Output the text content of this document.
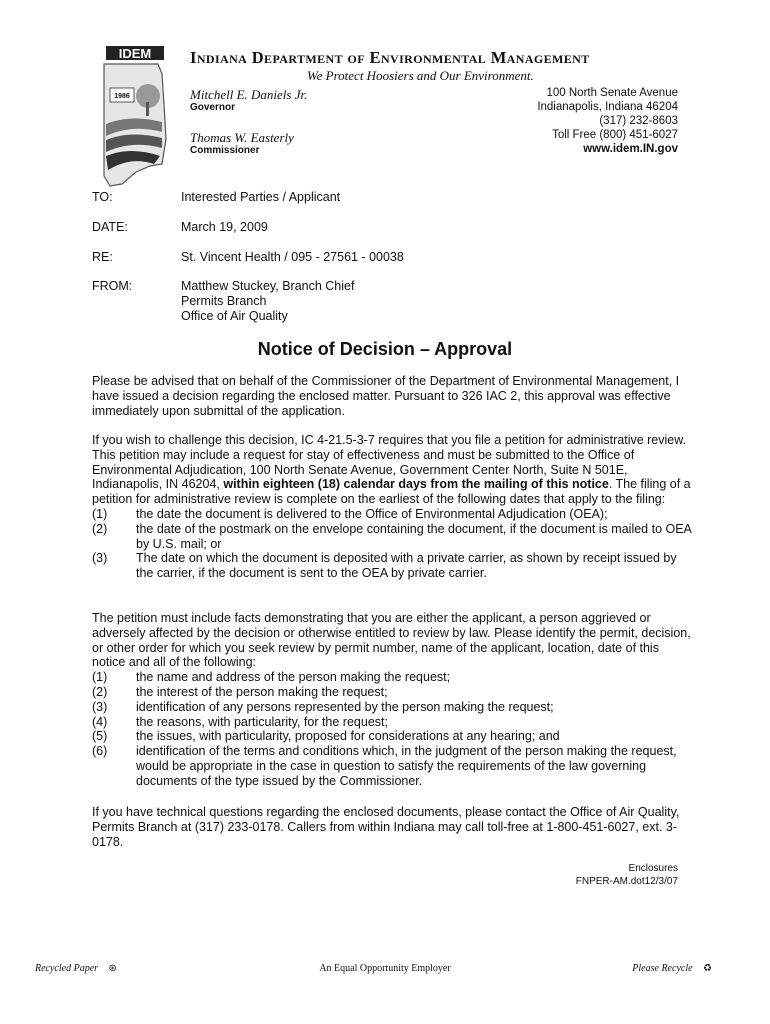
IDEM
1986
Indiana Department of Environmental Management
We Protect Hoosiers and Our Environment.
Mitchell E. Daniels Jr.
Governor
Thomas W. Easterly
Commissioner
100 North Senate Avenue
Indianapolis, Indiana 46204
(317) 232-8603
Toll Free (800) 451-6027
www.idem.IN.gov
TO:	Interested Parties / Applicant
DATE:	March 19, 2009
RE:	St. Vincent Health / 095 - 27561 - 00038
FROM:	Matthew Stuckey, Branch Chief
Permits Branch
Office of Air Quality
Notice of Decision – Approval
Please be advised that on behalf of the Commissioner of the Department of Environmental Management, I have issued a decision regarding the enclosed matter. Pursuant to 326 IAC 2, this approval was effective immediately upon submittal of the application.
If you wish to challenge this decision, IC 4-21.5-3-7 requires that you file a petition for administrative review. This petition may include a request for stay of effectiveness and must be submitted to the Office of Environmental Adjudication, 100 North Senate Avenue, Government Center North, Suite N 501E, Indianapolis, IN 46204, within eighteen (18) calendar days from the mailing of this notice. The filing of a petition for administrative review is complete on the earliest of the following dates that apply to the filing:
(1)	the date the document is delivered to the Office of Environmental Adjudication (OEA);
(2)	the date of the postmark on the envelope containing the document, if the document is mailed to OEA by U.S. mail; or
(3)	The date on which the document is deposited with a private carrier, as shown by receipt issued by the carrier, if the document is sent to the OEA by private carrier.
The petition must include facts demonstrating that you are either the applicant, a person aggrieved or adversely affected by the decision or otherwise entitled to review by law. Please identify the permit, decision, or other order for which you seek review by permit number, name of the applicant, location, date of this notice and all of the following:
(1)	the name and address of the person making the request;
(2)	the interest of the person making the request;
(3)	identification of any persons represented by the person making the request;
(4)	the reasons, with particularity, for the request;
(5)	the issues, with particularity, proposed for considerations at any hearing; and
(6)	identification of the terms and conditions which, in the judgment of the person making the request, would be appropriate in the case in question to satisfy the requirements of the law governing documents of the type issued by the Commissioner.
If you have technical questions regarding the enclosed documents, please contact the Office of Air Quality, Permits Branch at (317) 233-0178. Callers from within Indiana may call toll-free at 1-800-451-6027, ext. 3-0178.
Enclosures
FNPER-AM.dot12/3/07
Recycled Paper ⊛	An Equal Opportunity Employer	Please Recycle ♻
